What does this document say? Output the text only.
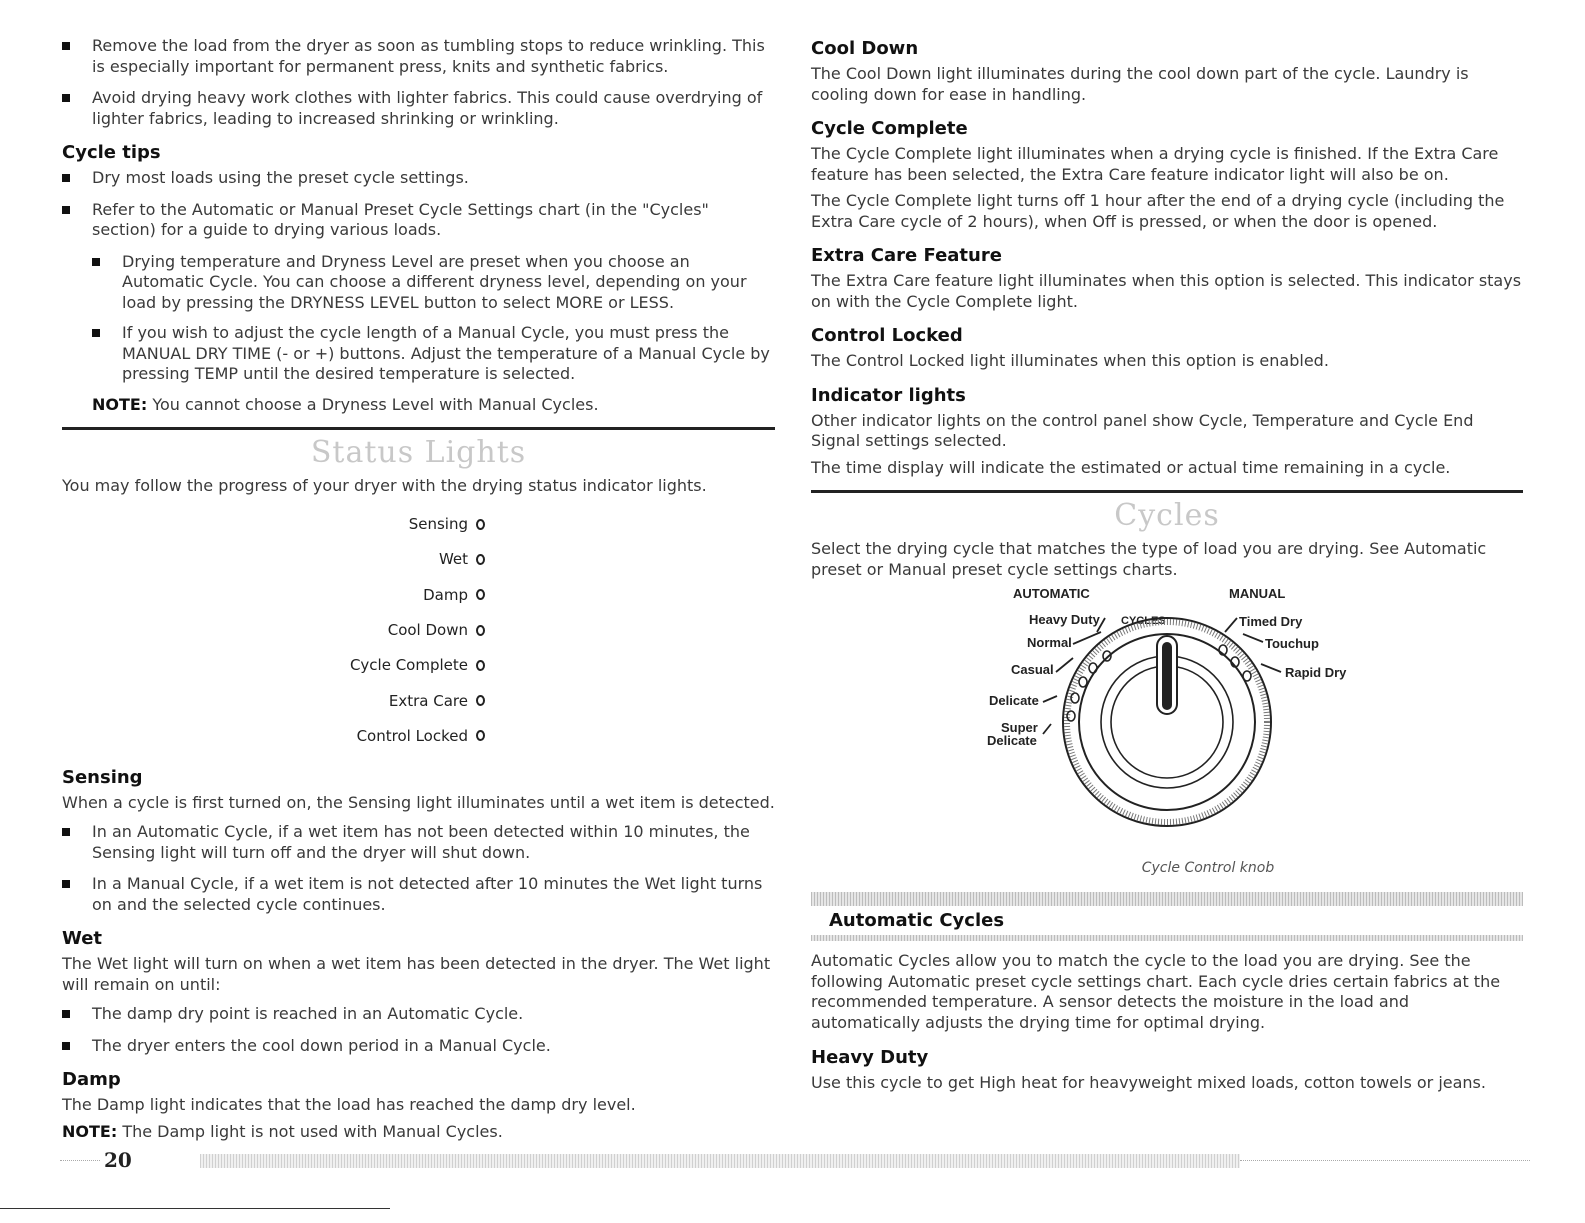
Remove the load from the dryer as soon as tumbling stops to reduce wrinkling. This is especially important for permanent press, knits and synthetic fabrics.

Avoid drying heavy work clothes with lighter fabrics. This could cause overdrying of lighter fabrics, leading to increased shrinking or wrinkling.

Cycle tips

Dry most loads using the preset cycle settings.

Refer to the Automatic or Manual Preset Cycle Settings chart (in the "Cycles" section) for a guide to drying various loads.

Drying temperature and Dryness Level are preset when you choose an Automatic Cycle. You can choose a different dryness level, depending on your load by pressing the DRYNESS LEVEL button to select MORE or LESS.

If you wish to adjust the cycle length of a Manual Cycle, you must press the MANUAL DRY TIME (- or +) buttons. Adjust the temperature of a Manual Cycle by pressing TEMP until the desired temperature is selected.

NOTE: You cannot choose a Dryness Level with Manual Cycles.

Status Lights

You may follow the progress of your dryer with the drying status indicator lights.

Sensing
Wet
Damp
Cool Down
Cycle Complete
Extra Care
Control Locked
Sensing

When a cycle is first turned on, the Sensing light illuminates until a wet item is detected.

In an Automatic Cycle, if a wet item has not been detected within 10 minutes, the Sensing light will turn off and the dryer will shut down.

In a Manual Cycle, if a wet item is not detected after 10 minutes the Wet light turns on and the selected cycle continues.

Wet

The Wet light will turn on when a wet item has been detected in the dryer. The Wet light will remain on until:

The damp dry point is reached in an Automatic Cycle.

The dryer enters the cool down period in a Manual Cycle.

Damp

The Damp light indicates that the load has reached the damp dry level.

NOTE: The Damp light is not used with Manual Cycles.

Cool Down

The Cool Down light illuminates during the cool down part of the cycle. Laundry is cooling down for ease in handling.

Cycle Complete

The Cycle Complete light illuminates when a drying cycle is finished. If the Extra Care feature has been selected, the Extra Care feature indicator light will also be on.

The Cycle Complete light turns off 1 hour after the end of a drying cycle (including the Extra Care cycle of 2 hours), when Off is pressed, or when the door is opened.

Extra Care Feature

The Extra Care feature light illuminates when this option is selected. This indicator stays on with the Cycle Complete light.

Control Locked

The Control Locked light illuminates when this option is enabled.

Indicator lights

Other indicator lights on the control panel show Cycle, Temperature and Cycle End Signal settings selected.

The time display will indicate the estimated or actual time remaining in a cycle.

Cycles

Select the drying cycle that matches the type of load you are drying. See Automatic preset or Manual preset cycle settings charts.

AUTOMATIC	MANUAL
CYCLES
Heavy Duty
Normal
Casual
Delicate
Super
Delicate
Timed Dry
Touchup
Rapid Dry
Cycle Control knob
Automatic Cycles

Automatic Cycles allow you to match the cycle to the load you are drying. See the following Automatic preset cycle settings chart. Each cycle dries certain fabrics at the recommended temperature. A sensor detects the moisture in the load and automatically adjusts the drying time for optimal drying.

Heavy Duty

Use this cycle to get High heat for heavyweight mixed loads, cotton towels or jeans.

20
